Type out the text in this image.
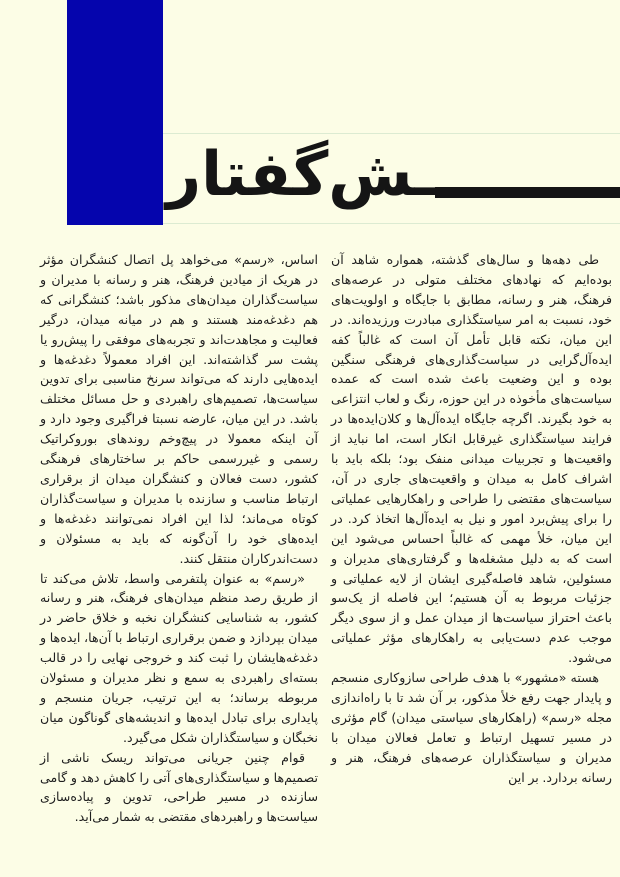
ـش‌گفتار

طی دهه‌ها و سال‌های گذشته، همواره شاهد آن بوده‌ایم که نهادهای مختلف متولی در عرصه‌های فرهنگ، هنر و رسانه، مطابق با جایگاه و اولویت‌های خود، نسبت به امر سیاستگذاری مبادرت ورزیده‌اند. در این میان، نکته قابل تأمل آن است که غالباً کفه ایده‌آل‌گرایی در سیاست‌گذاری‌های فرهنگی سنگین بوده و این وضعیت باعث شده است که عمده سیاست‌های مأخوذه در این حوزه، رنگ و لعاب انتزاعی به خود بگیرند. اگرچه جایگاه ایده‌آل‌ها و کلان‌ایده‌ها در فرایند سیاستگذاری غیرقابل انکار است، اما نباید از واقعیت‌ها و تجربیات میدانی منفک بود؛ بلکه باید با اشراف کامل به میدان و واقعیت‌های جاری در آن، سیاست‌های مقتضی را طراحی و راهکارهایی عملیاتی را برای پیش‌برد امور و نیل به ایده‌آل‌ها اتخاذ کرد. در این میان، خلأ مهمی که غالباً احساس می‌شود این است که به دلیل مشغله‌ها و گرفتاری‌های مدیران و مسئولین، شاهد فاصله‌گیری ایشان از لایه عملیاتی و جزئیات مربوط به آن هستیم؛ این فاصله از یک‌سو باعث احتراز سیاست‌ها از میدان عمل و از سوی دیگر موجب عدم دست‌یابی به راهکارهای مؤثر عملیاتی می‌شود.

هسته «مشهور» با هدف طراحی سازوکاری منسجم و پایدار جهت رفع خلأ مذکور، بر آن شد تا با راه‌اندازی مجله «رسم» (راهکارهای سیاستی میدان) گام مؤثری در مسیر تسهیل ارتباط و تعامل فعالان میدان با مدیران و سیاستگذاران عرصه‌های فرهنگ، هنر و رسانه بردارد. بر این

اساس، «رسم» می‌خواهد پل اتصال کنشگران مؤثر در هریک از میادین فرهنگ، هنر و رسانه با مدیران و سیاست‌گذاران میدان‌های مذکور باشد؛ کنشگرانی که هم دغدغه‌مند هستند و هم در میانه میدان، درگیر فعالیت و مجاهدت‌اند و تجربه‌های موفقی را پیش‌رو یا پشت سر گذاشته‌اند. این افراد معمولاً دغدغه‌ها و ایده‌هایی دارند که می‌تواند سرنخ مناسبی برای تدوین سیاست‌ها، تصمیم‌های راهبردی و حل مسائل مختلف باشد. در این میان، عارضه نسبتا فراگیری وجود دارد و آن اینکه معمولا در پیچ‌وخم روندهای بوروکراتیک رسمی و غیررسمی حاکم بر ساختارهای فرهنگی کشور، دست فعالان و کنشگران میدان از برقراری ارتباط مناسب و سازنده با مدیران و سیاست‌گذاران کوتاه می‌ماند؛ لذا این افراد نمی‌توانند دغدغه‌ها و ایده‌های خود را آن‌گونه که باید به مسئولان و دست‌اندرکاران منتقل کنند.

«رسم» به عنوان پلتفرمی واسط، تلاش می‌کند تا از طریق رصد منظم میدان‌های فرهنگ، هنر و رسانه کشور، به شناسایی کنشگران نخبه و خلاق حاضر در میدان بپردازد و ضمن برقراری ارتباط با آن‌ها، ایده‌ها و دغدغه‌هایشان را ثبت کند و خروجی نهایی را در قالب بسته‌ای راهبردی به سمع و نظر مدیران و مسئولان مربوطه برساند؛ به این ترتیب، جریان منسجم و پایداری برای تبادل ایده‌ها و اندیشه‌های گوناگون میان نخبگان و سیاستگذاران شکل می‌گیرد.

قوام چنین جریانی می‌تواند ریسک ناشی از تصمیم‌ها و سیاستگذاری‌های آتی را کاهش دهد و گامی سازنده در مسیر طراحی، تدوین و پیاده‌سازی سیاست‌ها و راهبردهای مقتضی به شمار می‌آید.
